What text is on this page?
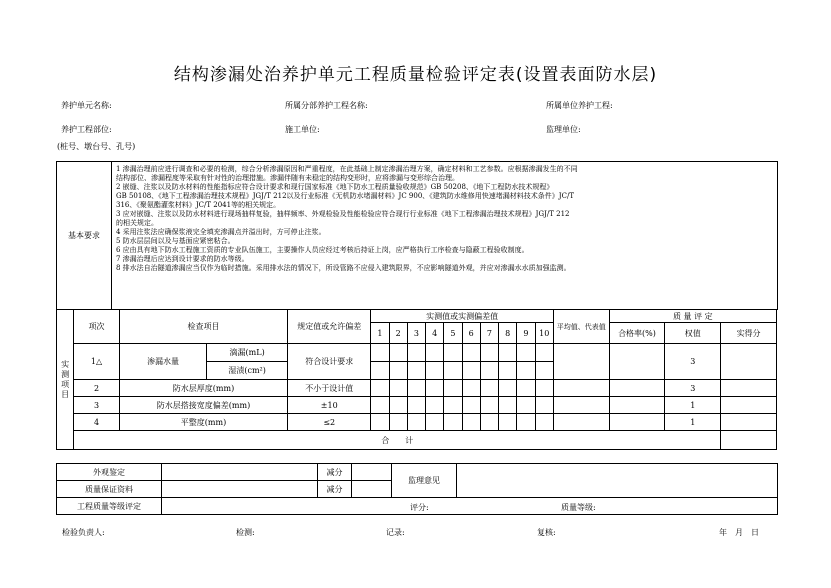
结构渗漏处治养护单元工程质量检验评定表(设置表面防水层)
养护单元名称:	所属分部养护工程名称:	所属单位养护工程:
养护工程部位:	施工单位:	监理单位:
(桩号、墩台号、孔号)
基本要求	
1 渗漏治理前应进行调查和必要的检测，综合分析渗漏原因和严重程度，在此基础上制定渗漏治理方案，确定材料和工艺参数。应根据渗漏发生的不同
结构部位、渗漏程度等采取有针对性的治理措施。渗漏伴随有未稳定的结构变形时，应将渗漏与变形综合治理。
2 嵌缝、注浆以及防水材料的性能指标应符合设计要求和现行国家标准《地下防水工程质量验收规范》GB 50208、《地下工程防水技术规程》
GB 50108、《地下工程渗漏治理技术规程》JGJ/T 212以及行业标准《无机防水堵漏材料》JC 900、《建筑防水维修用快速堵漏材料技术条件》JC/T
316、《聚氨酯灌浆材料》JC/T 2041等的相关规定。
3 应对嵌缝、注浆以及防水材料进行现场抽样复验，抽样频率、外观检验及性能检验应符合现行行业标准《地下工程渗漏治理技术规程》JGJ/T 212
的相关规定。
4 采用注浆法应确保浆液完全填充渗漏点并溢出时，方可停止注浆。
5 防水层层间以及与基面应紧密粘合。
6 应由具有地下防水工程施工资质的专业队伍施工，主要操作人员应经过考核后持证上岗，应严格执行工序检查与隐蔽工程验收制度。
7 渗漏治理后应达到设计要求的防水等级。
8 排水法自治隧道渗漏应当仅作为临时措施。采用排水法的情况下，所设管路不应侵入建筑限界，不应影响隧道外观，并应对渗漏水水质加强监测。
实测项目	项次	检查项目		规定值或允许偏差	实测值或实测偏差值										平均值、代表值	质 量 评 定		
					1	2	3	4	5	6	7	8	9	10		合格率(%)	权值	实得分
	1△	渗漏水量	滴漏(mL)	符合设计要求													3	
			湿渍(cm²)															
	2	防水层厚度(mm)		不小于设计值													3	
	3	防水层搭接宽度偏差(mm)		±10													1	
	4	平整度(mm)		≤2													1	
	合　　计																	
外观鉴定		减分		监理意见	
质量保证资料		减分			
工程质量等级评定	评分: 质量等级:				
检验负责人:	检测:	记录:	复核:	年　月　日
